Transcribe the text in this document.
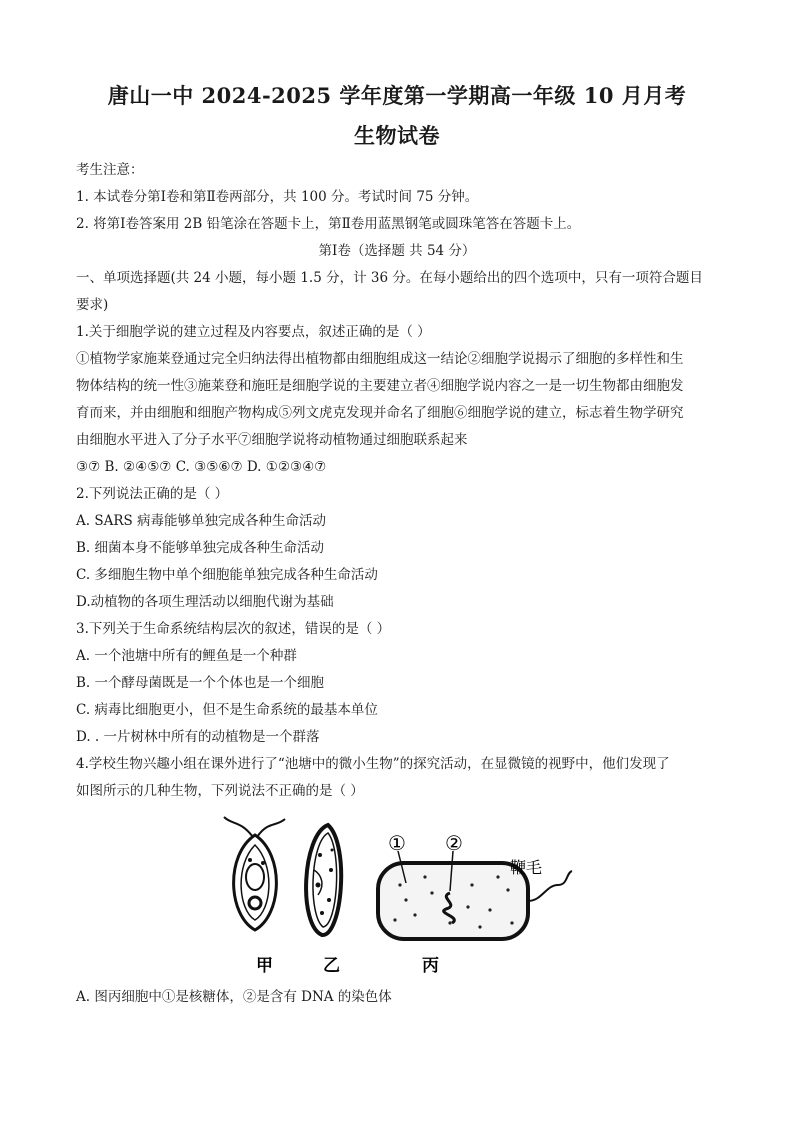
唐山一中 2024-2025 学年度第一学期高一年级 10 月月考
生物试卷
考生注意：
1. 本试卷分第Ⅰ卷和第Ⅱ卷两部分，共 100 分。考试时间 75 分钟。
2. 将第Ⅰ卷答案用 2B 铅笔涂在答题卡上，第Ⅱ卷用蓝黑钢笔或圆珠笔答在答题卡上。
第Ⅰ卷（选择题 共 54 分）
一、单项选择题(共 24 小题，每小题 1.5 分，计 36 分。在每小题给出的四个选项中，只有一项符合题目
要求)
1.关于细胞学说的建立过程及内容要点，叙述正确的是（ ）
①植物学家施莱登通过完全归纳法得出植物都由细胞组成这一结论②细胞学说揭示了细胞的多样性和生
物体结构的统一性③施莱登和施旺是细胞学说的主要建立者④细胞学说内容之一是一切生物都由细胞发
育而来，并由细胞和细胞产物构成⑤列文虎克发现并命名了细胞⑥细胞学说的建立，标志着生物学研究
由细胞水平进入了分子水平⑦细胞学说将动植物通过细胞联系起来
③⑦ B. ②④⑤⑦ C. ③⑤⑥⑦ D. ①②③④⑦
2.下列说法正确的是（ ）
A. SARS 病毒能够单独完成各种生命活动
B. 细菌本身不能够单独完成各种生命活动
C. 多细胞生物中单个细胞能单独完成各种生命活动
D.动植物的各项生理活动以细胞代谢为基础
3.下列关于生命系统结构层次的叙述，错误的是（ ）
A. 一个池塘中所有的鲤鱼是一个种群
B. 一个酵母菌既是一个个体也是一个细胞
C. 病毒比细胞更小，但不是生命系统的最基本单位
D. . 一片树林中所有的动植物是一个群落
4.学校生物兴趣小组在课外进行了“池塘中的微小生物”的探究活动，在显微镜的视野中，他们发现了
如图所示的几种生物，下列说法不正确的是（ ）
① ②
鞭毛
甲	乙	丙
A. 图丙细胞中①是核糖体，②是含有 DNA 的染色体
